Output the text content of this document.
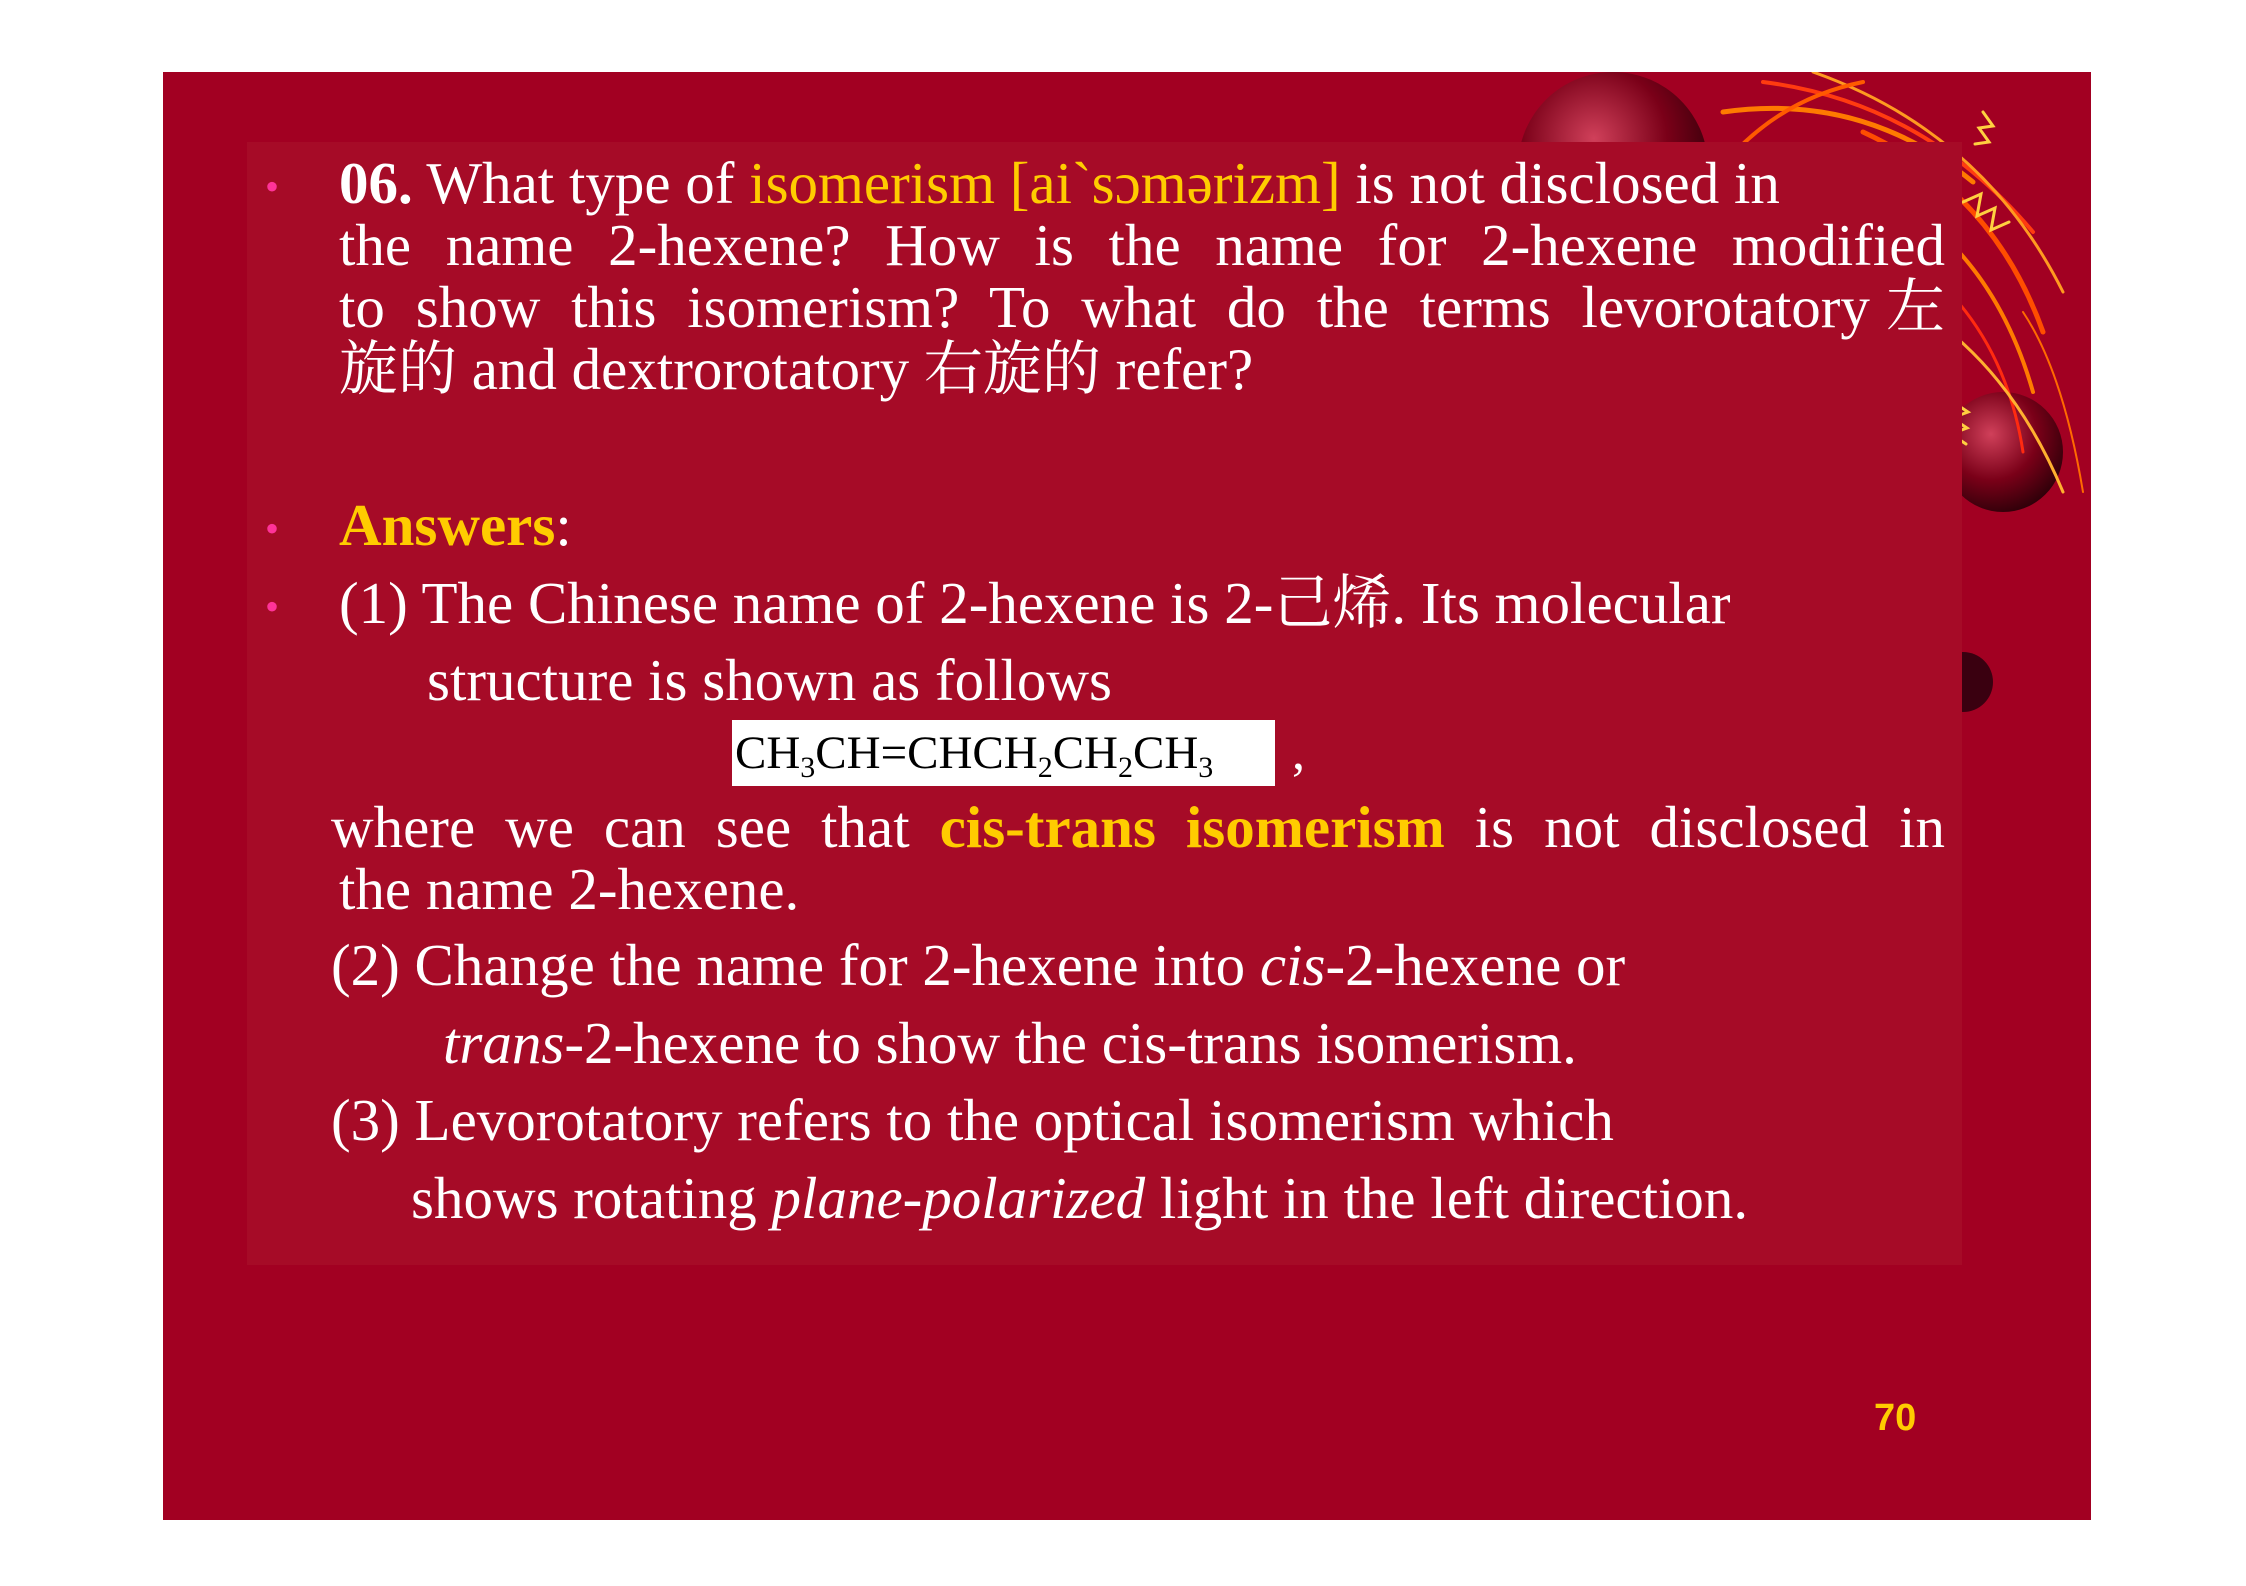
• 06. What type of isomerism [aiˋsɔmərizm] is not disclosed in
the name 2-hexene? How is the name for 2-hexene modified
to show this isomerism? To what do the terms levorotatory左
旋的 and dextrorotatory 右旋的 refer?
• Answers:
• (1) The Chinese name of 2-hexene is 2-己烯. Its molecular
structure is shown as follows
$CH_3CH=CHCH_2CH_2CH_3$	,
where we can see that cis-trans isomerism is not disclosed in
the name 2-hexene.
(2) Change the name for 2-hexene into cis-2-hexene or
trans-2-hexene to show the cis-trans isomerism.
(3) Levorotatory refers to the optical isomerism which
shows rotating plane-polarized light in the left direction.
70
